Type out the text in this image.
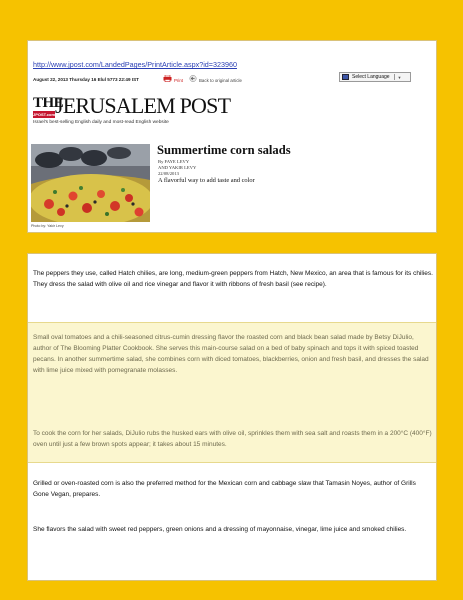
http://www.jpost.com/LandedPages/PrintArticle.aspx?id=323960
August 22, 2013 Thursday 16 Elul 5773 22:49 IST	Print	Back to original article
Select Language ▼
THE
JPOST.com JERUSALEM POST
Israel's best-selling English daily and most-read English website
Photo by: Yakir Levy
Summertime corn salads
By FAYE LEVY
AND YAKIR LEVY
22/08/2013
A flavorful way to add taste and color

The peppers they use, called Hatch chilies, are long, medium-green peppers from Hatch, New Mexico, an area that is famous for its chilies. They dress the salad with olive oil and rice vinegar and flavor it with ribbons of fresh basil (see recipe).

Small oval tomatoes and a chili-seasoned citrus-cumin dressing flavor the roasted corn and black bean salad made by Betsy DiJulio, author of The Blooming Platter Cookbook. She serves this main-course salad on a bed of baby spinach and tops it with spiced toasted pecans. In another summertime salad, she combines corn with diced tomatoes, blackberries, onion and fresh basil, and dresses the salad with lime juice mixed with pomegranate molasses.

To cook the corn for her salads, DiJulio rubs the husked ears with olive oil, sprinkles them with sea salt and roasts them in a 200°C (400°F) oven until just a few brown spots appear; it takes about 15 minutes.

Grilled or oven-roasted corn is also the preferred method for the Mexican corn and cabbage slaw that Tamasin Noyes, author of Grills Gone Vegan, prepares.

She flavors the salad with sweet red peppers, green onions and a dressing of mayonnaise, vinegar, lime juice and smoked chilies.
